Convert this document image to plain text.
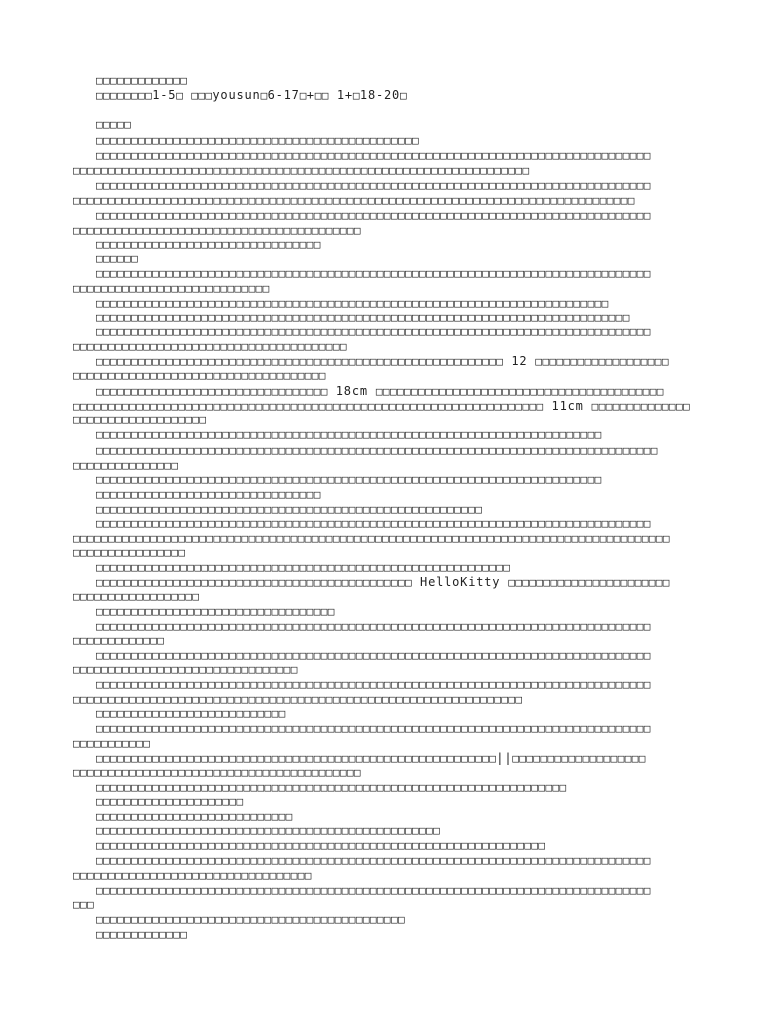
□□□□□□□□□□□□□
□□□□□□□□1-5□ □□□yousun□6-17□+□□ 1+□18-20□
□□□□□
□□□□□□□□□□□□□□□□□□□□□□□□□□□□□□□□□□□□□□□□□□□□□□
□□□□□□□□□□□□□□□□□□□□□□□□□□□□□□□□□□□□□□□□□□□□□□□□□□□□□□□□□□□□□□□□□□□□□□□□□□□□□□□
□□□□□□□□□□□□□□□□□□□□□□□□□□□□□□□□□□□□□□□□□□□□□□□□□□□□□□□□□□□□□□□□□
□□□□□□□□□□□□□□□□□□□□□□□□□□□□□□□□□□□□□□□□□□□□□□□□□□□□□□□□□□□□□□□□□□□□□□□□□□□□□□□
□□□□□□□□□□□□□□□□□□□□□□□□□□□□□□□□□□□□□□□□□□□□□□□□□□□□□□□□□□□□□□□□□□□□□□□□□□□□□□□□
□□□□□□□□□□□□□□□□□□□□□□□□□□□□□□□□□□□□□□□□□□□□□□□□□□□□□□□□□□□□□□□□□□□□□□□□□□□□□□□
□□□□□□□□□□□□□□□□□□□□□□□□□□□□□□□□□□□□□□□□□
□□□□□□□□□□□□□□□□□□□□□□□□□□□□□□□□
□□□□□□
□□□□□□□□□□□□□□□□□□□□□□□□□□□□□□□□□□□□□□□□□□□□□□□□□□□□□□□□□□□□□□□□□□□□□□□□□□□□□□□
□□□□□□□□□□□□□□□□□□□□□□□□□□□□
□□□□□□□□□□□□□□□□□□□□□□□□□□□□□□□□□□□□□□□□□□□□□□□□□□□□□□□□□□□□□□□□□□□□□□□□□
□□□□□□□□□□□□□□□□□□□□□□□□□□□□□□□□□□□□□□□□□□□□□□□□□□□□□□□□□□□□□□□□□□□□□□□□□□□□
□□□□□□□□□□□□□□□□□□□□□□□□□□□□□□□□□□□□□□□□□□□□□□□□□□□□□□□□□□□□□□□□□□□□□□□□□□□□□□□
□□□□□□□□□□□□□□□□□□□□□□□□□□□□□□□□□□□□□□□
□□□□□□□□□□□□□□□□□□□□□□□□□□□□□□□□□□□□□□□□□□□□□□□□□□□□□□□□□□ 12 □□□□□□□□□□□□□□□□□□□
□□□□□□□□□□□□□□□□□□□□□□□□□□□□□□□□□□□□
□□□□□□□□□□□□□□□□□□□□□□□□□□□□□□□□□ 18cm □□□□□□□□□□□□□□□□□□□□□□□□□□□□□□□□□□□□□□□□□
□□□□□□□□□□□□□□□□□□□□□□□□□□□□□□□□□□□□□□□□□□□□□□□□□□□□□□□□□□□□□□□□□□□ 11cm □□□□□□□□□□□□□□
□□□□□□□□□□□□□□□□□□□
□□□□□□□□□□□□□□□□□□□□□□□□□□□□□□□□□□□□□□□□□□□□□□□□□□□□□□□□□□□□□□□□□□□□□□□□
□□□□□□□□□□□□□□□□□□□□□□□□□□□□□□□□□□□□□□□□□□□□□□□□□□□□□□□□□□□□□□□□□□□□□□□□□□□□□□□□
□□□□□□□□□□□□□□□
□□□□□□□□□□□□□□□□□□□□□□□□□□□□□□□□□□□□□□□□□□□□□□□□□□□□□□□□□□□□□□□□□□□□□□□□
□□□□□□□□□□□□□□□□□□□□□□□□□□□□□□□□
□□□□□□□□□□□□□□□□□□□□□□□□□□□□□□□□□□□□□□□□□□□□□□□□□□□□□□□
□□□□□□□□□□□□□□□□□□□□□□□□□□□□□□□□□□□□□□□□□□□□□□□□□□□□□□□□□□□□□□□□□□□□□□□□□□□□□□□
□□□□□□□□□□□□□□□□□□□□□□□□□□□□□□□□□□□□□□□□□□□□□□□□□□□□□□□□□□□□□□□□□□□□□□□□□□□□□□□□□□□□□
□□□□□□□□□□□□□□□□
□□□□□□□□□□□□□□□□□□□□□□□□□□□□□□□□□□□□□□□□□□□□□□□□□□□□□□□□□□□
□□□□□□□□□□□□□□□□□□□□□□□□□□□□□□□□□□□□□□□□□□□□□ HelloKitty □□□□□□□□□□□□□□□□□□□□□□□
□□□□□□□□□□□□□□□□□□
□□□□□□□□□□□□□□□□□□□□□□□□□□□□□□□□□□
□□□□□□□□□□□□□□□□□□□□□□□□□□□□□□□□□□□□□□□□□□□□□□□□□□□□□□□□□□□□□□□□□□□□□□□□□□□□□□□
□□□□□□□□□□□□□
□□□□□□□□□□□□□□□□□□□□□□□□□□□□□□□□□□□□□□□□□□□□□□□□□□□□□□□□□□□□□□□□□□□□□□□□□□□□□□□
□□□□□□□□□□□□□□□□□□□□□□□□□□□□□□□□
□□□□□□□□□□□□□□□□□□□□□□□□□□□□□□□□□□□□□□□□□□□□□□□□□□□□□□□□□□□□□□□□□□□□□□□□□□□□□□□
□□□□□□□□□□□□□□□□□□□□□□□□□□□□□□□□□□□□□□□□□□□□□□□□□□□□□□□□□□□□□□□□
□□□□□□□□□□□□□□□□□□□□□□□□□□□
□□□□□□□□□□□□□□□□□□□□□□□□□□□□□□□□□□□□□□□□□□□□□□□□□□□□□□□□□□□□□□□□□□□□□□□□□□□□□□□
□□□□□□□□□□□
□□□□□□□□□□□□□□□□□□□□□□□□□□□□□□□□□□□□□□□□□□□□□□□□□□□□□□□□□||□□□□□□□□□□□□□□□□□□□
□□□□□□□□□□□□□□□□□□□□□□□□□□□□□□□□□□□□□□□□□
□□□□□□□□□□□□□□□□□□□□□□□□□□□□□□□□□□□□□□□□□□□□□□□□□□□□□□□□□□□□□□□□□□□
□□□□□□□□□□□□□□□□□□□□□
□□□□□□□□□□□□□□□□□□□□□□□□□□□□
□□□□□□□□□□□□□□□□□□□□□□□□□□□□□□□□□□□□□□□□□□□□□□□□□
□□□□□□□□□□□□□□□□□□□□□□□□□□□□□□□□□□□□□□□□□□□□□□□□□□□□□□□□□□□□□□□□
□□□□□□□□□□□□□□□□□□□□□□□□□□□□□□□□□□□□□□□□□□□□□□□□□□□□□□□□□□□□□□□□□□□□□□□□□□□□□□□
□□□□□□□□□□□□□□□□□□□□□□□□□□□□□□□□□□
□□□□□□□□□□□□□□□□□□□□□□□□□□□□□□□□□□□□□□□□□□□□□□□□□□□□□□□□□□□□□□□□□□□□□□□□□□□□□□□
□□□
□□□□□□□□□□□□□□□□□□□□□□□□□□□□□□□□□□□□□□□□□□□□
□□□□□□□□□□□□□
